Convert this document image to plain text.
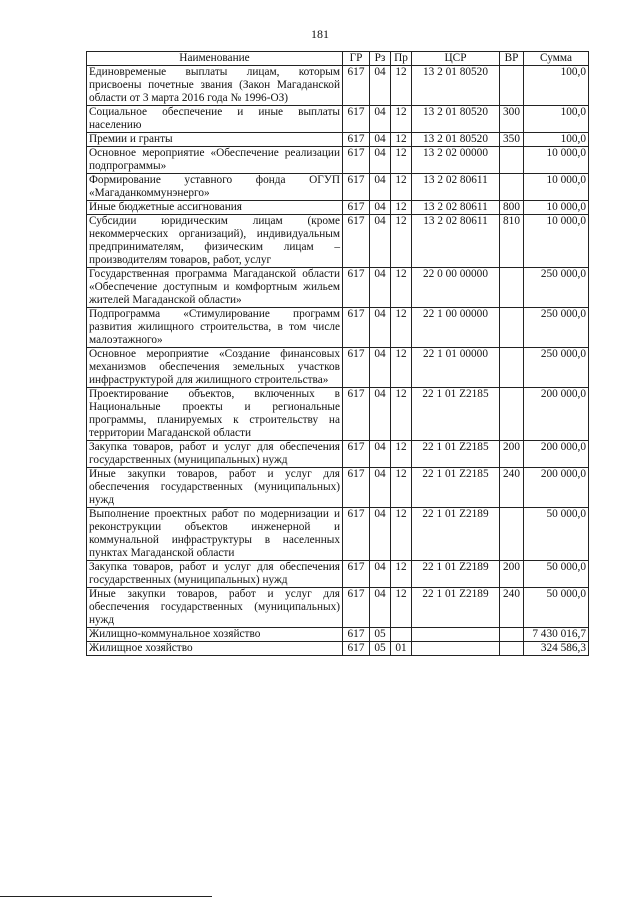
181
Наименование	ГР	Рз	Пр	ЦСР	ВР	Сумма
Единовременые выплаты лицам, которым присвоены почетные звания (Закон Магаданской области от 3 марта 2016 года № 1996-ОЗ)	617	04	12	13 2 01 80520		100,0
Социальное обеспечение и иные выплаты населению	617	04	12	13 2 01 80520	300	100,0
Премии и гранты	617	04	12	13 2 01 80520	350	100,0
Основное мероприятие «Обеспечение реализации подпрограммы»	617	04	12	13 2 02 00000		10 000,0
Формирование уставного фонда ОГУП «Магаданкоммунэнерго»	617	04	12	13 2 02 80611		10 000,0
Иные бюджетные ассигнования	617	04	12	13 2 02 80611	800	10 000,0
Субсидии юридическим лицам (кроме некоммерческих организаций), индивидуальным предпринимателям, физическим лицам – производителям товаров, работ, услуг	617	04	12	13 2 02 80611	810	10 000,0
Государственная программа Магаданской области «Обеспечение доступным и комфортным жильем жителей Магаданской области»	617	04	12	22 0 00 00000		250 000,0
Подпрограмма «Стимулирование программ развития жилищного строительства, в том числе малоэтажного»	617	04	12	22 1 00 00000		250 000,0
Основное мероприятие «Создание финансовых механизмов обеспечения земельных участков инфраструктурой для жилищного строительства»	617	04	12	22 1 01 00000		250 000,0
Проектирование объектов, включенных в Национальные проекты и региональные программы, планируемых к строительству на территории Магаданской области	617	04	12	22 1 01 Z2185		200 000,0
Закупка товаров, работ и услуг для обеспечения государственных (муниципальных) нужд	617	04	12	22 1 01 Z2185	200	200 000,0
Иные закупки товаров, работ и услуг для обеспечения государственных (муниципальных) нужд	617	04	12	22 1 01 Z2185	240	200 000,0
Выполнение проектных работ по модернизации и реконструкции объектов инженерной и коммунальной инфраструктуры в населенных пунктах Магаданской области	617	04	12	22 1 01 Z2189		50 000,0
Закупка товаров, работ и услуг для обеспечения государственных (муниципальных) нужд	617	04	12	22 1 01 Z2189	200	50 000,0
Иные закупки товаров, работ и услуг для обеспечения государственных (муниципальных) нужд	617	04	12	22 1 01 Z2189	240	50 000,0
Жилищно-коммунальное хозяйство	617	05				7 430 016,7
Жилищное хозяйство	617	05	01			324 586,3
